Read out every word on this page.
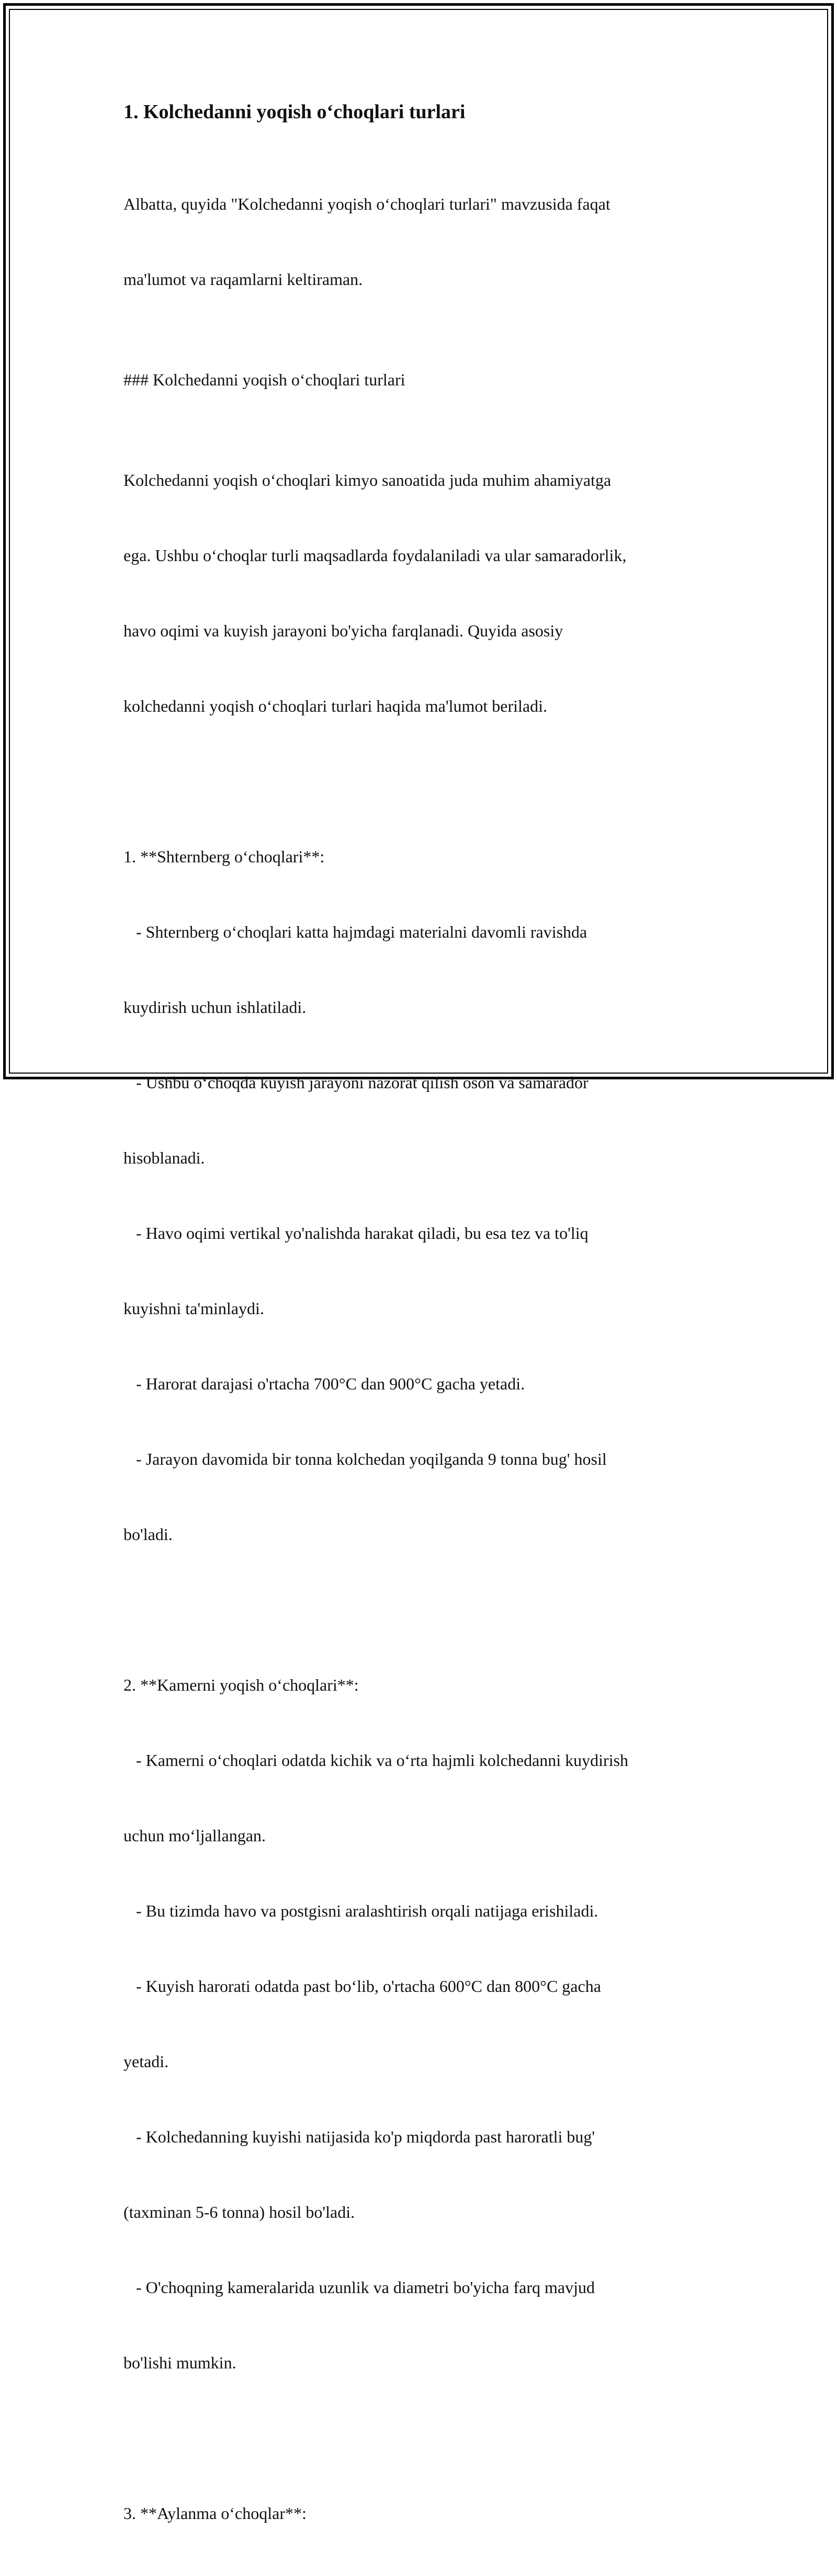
1. Kolchedanni yoqish o‘choqlari turlari

Albatta, quyida "Kolchedanni yoqish o‘choqlari turlari" mavzusida faqat

ma'lumot va raqamlarni keltiraman.

### Kolchedanni yoqish o‘choqlari turlari

Kolchedanni yoqish o‘choqlari kimyo sanoatida juda muhim ahamiyatga

ega. Ushbu o‘choqlar turli maqsadlarda foydalaniladi va ular samaradorlik,

havo oqimi va kuyish jarayoni bo'yicha farqlanadi. Quyida asosiy

kolchedanni yoqish o‘choqlari turlari haqida ma'lumot beriladi.

1. **Shternberg o‘choqlari**:

- Shternberg o‘choqlari katta hajmdagi materialni davomli ravishda

kuydirish uchun ishlatiladi.

- Ushbu o‘choqda kuyish jarayoni nazorat qilish oson va samarador

hisoblanadi.

- Havo oqimi vertikal yo'nalishda harakat qiladi, bu esa tez va to'liq

kuyishni ta'minlaydi.

- Harorat darajasi o'rtacha 700°C dan 900°C gacha yetadi.

- Jarayon davomida bir tonna kolchedan yoqilganda 9 tonna bug' hosil

bo'ladi.

2. **Kamerni yoqish o‘choqlari**:

- Kamerni o‘choqlari odatda kichik va o‘rta hajmli kolchedanni kuydirish

uchun mo‘ljallangan.

- Bu tizimda havo va postgisni aralashtirish orqali natijaga erishiladi.

- Kuyish harorati odatda past bo‘lib, o'rtacha 600°C dan 800°C gacha

yetadi.

- Kolchedanning kuyishi natijasida ko'p miqdorda past haroratli bug'

(taxminan 5-6 tonna) hosil bo'ladi.

- O'choqning kameralarida uzunlik va diametri bo'yicha farq mavjud

bo'lishi mumkin.

3. **Aylanma o‘choqlar**:
